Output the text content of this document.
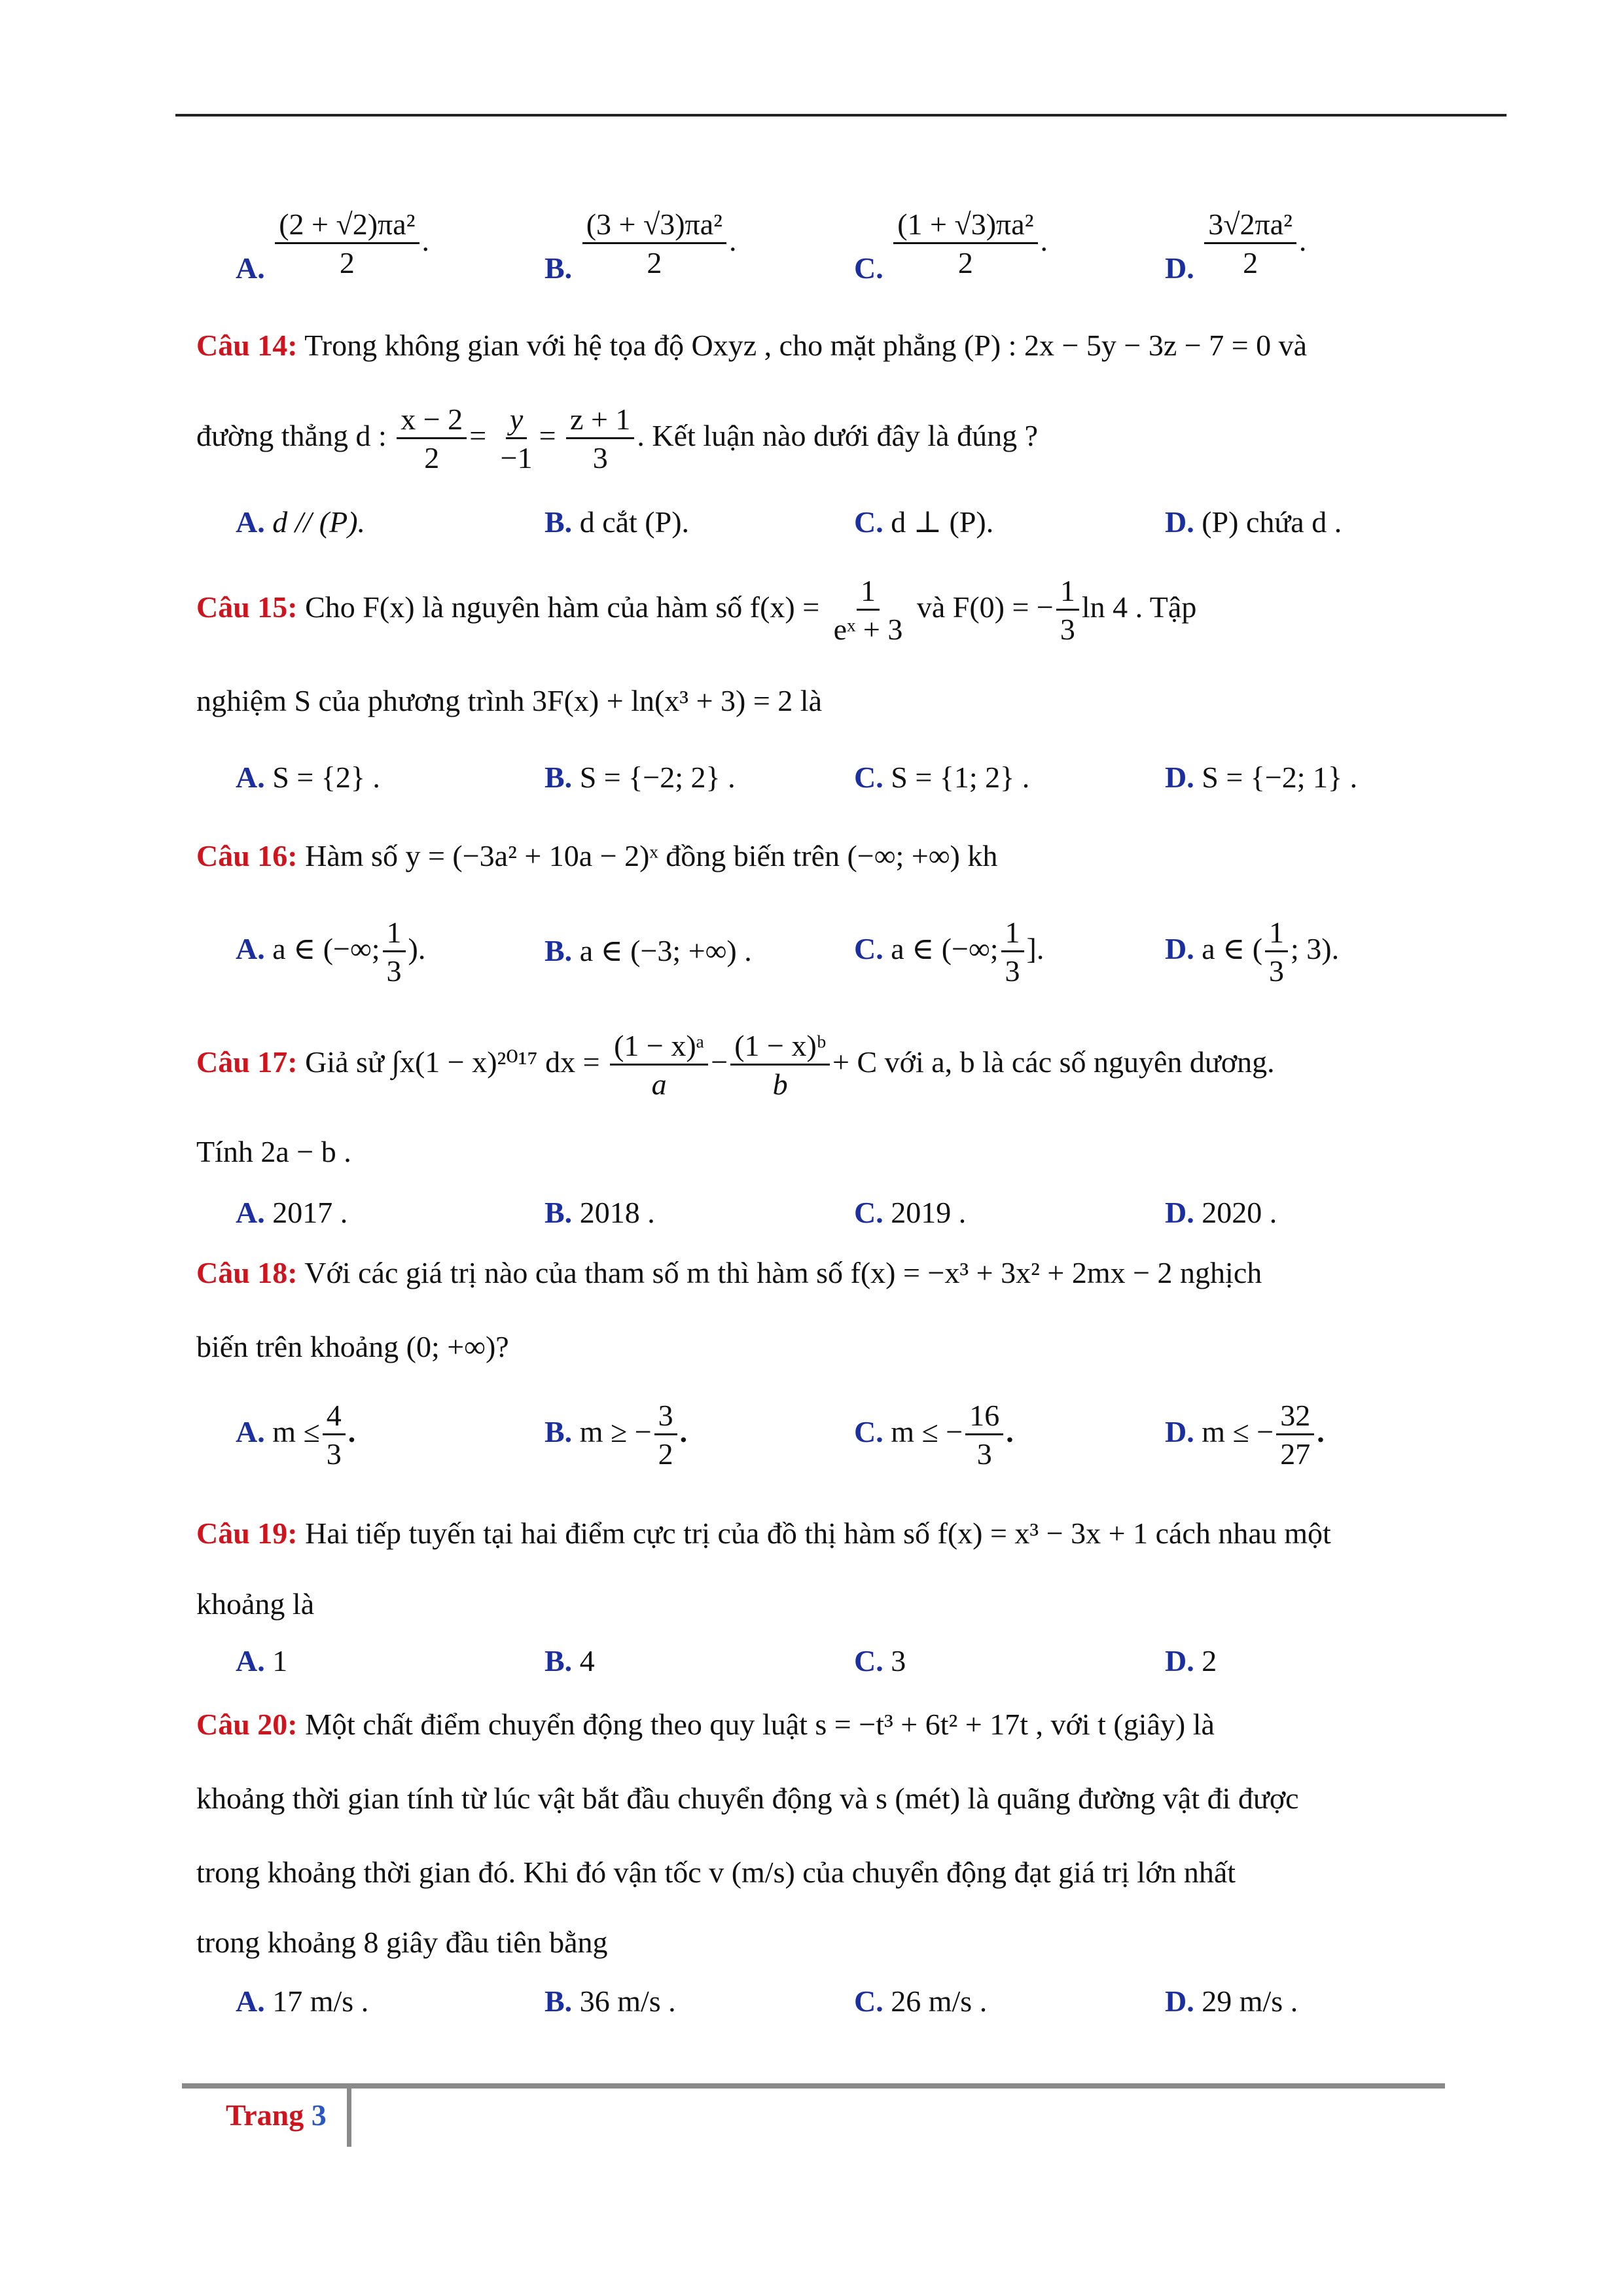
A. $\frac{\text{(2 + √2)πa²}}{2}$ .
B. $\frac{\text{(3 + √3)πa²}}{2}$ .
C. $\frac{\text{(1 + √3)πa²}}{2}$ .
D. $\frac{\text{3√2πa²}}{2}$ .
Câu 14: Trong không gian với hệ tọa độ Oxyz , cho mặt phẳng (P) : 2x − 5y − 3z − 7 = 0 và
đường thẳng d : $\frac{x - 2}{2} = \frac{y}{-1} = \frac{z + 1}{3}$ . Kết luận nào dưới đây là đúng ?
A. d // (P).	B. d cắt (P).	C. d ⊥ (P).	D. (P) chứa d .
Câu 15: Cho F(x) là nguyên hàm của hàm số $f(x) = \frac{1}{\text{eˣ + 3}}$ và F(0) = − $\frac{1}{3}$ ln 4 . Tập
nghiệm S của phương trình 3F(x) + ln(x³ + 3) = 2 là
A. S = {2} .	B. S = {−2; 2} .	C. S = {1; 2} .	D. S = {−2; 1} .
Câu 16: Hàm số y = (−3a² + 10a − 2)ˣ đồng biến trên (−∞; +∞) kh
A. a ∈ (−∞; $\frac{1}{3}$ ).	B. a ∈ (−3; +∞) .	C. a ∈ (−∞; $\frac{1}{3}$ ].	D. a ∈ ( $\frac{1}{3}$ ; 3).
Câu 17: Giả sử ∫x(1 − x)²⁰¹⁷ dx = $\frac{\text{(1 − x)ᵃ}}{a} - \frac{\text{(1 − x)ᵇ}}{b} + C$ với a, b là các số nguyên dương.
Tính 2a − b .
A. 2017 .	B. 2018 .	C. 2019 .	D. 2020 .
Câu 18: Với các giá trị nào của tham số m thì hàm số f(x) = −x³ + 3x² + 2mx − 2 nghịch
biến trên khoảng (0; +∞)?
A. $m \le \frac{4}{3}$ .	B. m ≥ − $\frac{3}{2}$ .	C. m ≤ − $\frac{16}{3}$ .	D. m ≤ − $\frac{32}{27}$ .
Câu 19: Hai tiếp tuyến tại hai điểm cực trị của đồ thị hàm số f(x) = x³ − 3x + 1 cách nhau một
khoảng là
A. 1	B. 4	C. 3	D. 2
Câu 20: Một chất điểm chuyển động theo quy luật s = −t³ + 6t² + 17t , với t (giây) là
khoảng thời gian tính từ lúc vật bắt đầu chuyển động và s (mét) là quãng đường vật đi được
trong khoảng thời gian đó. Khi đó vận tốc v (m/s) của chuyển động đạt giá trị lớn nhất
trong khoảng 8 giây đầu tiên bằng
A. 17 m/s .	B. 36 m/s .	C. 26 m/s .	D. 29 m/s .
Trang 3
